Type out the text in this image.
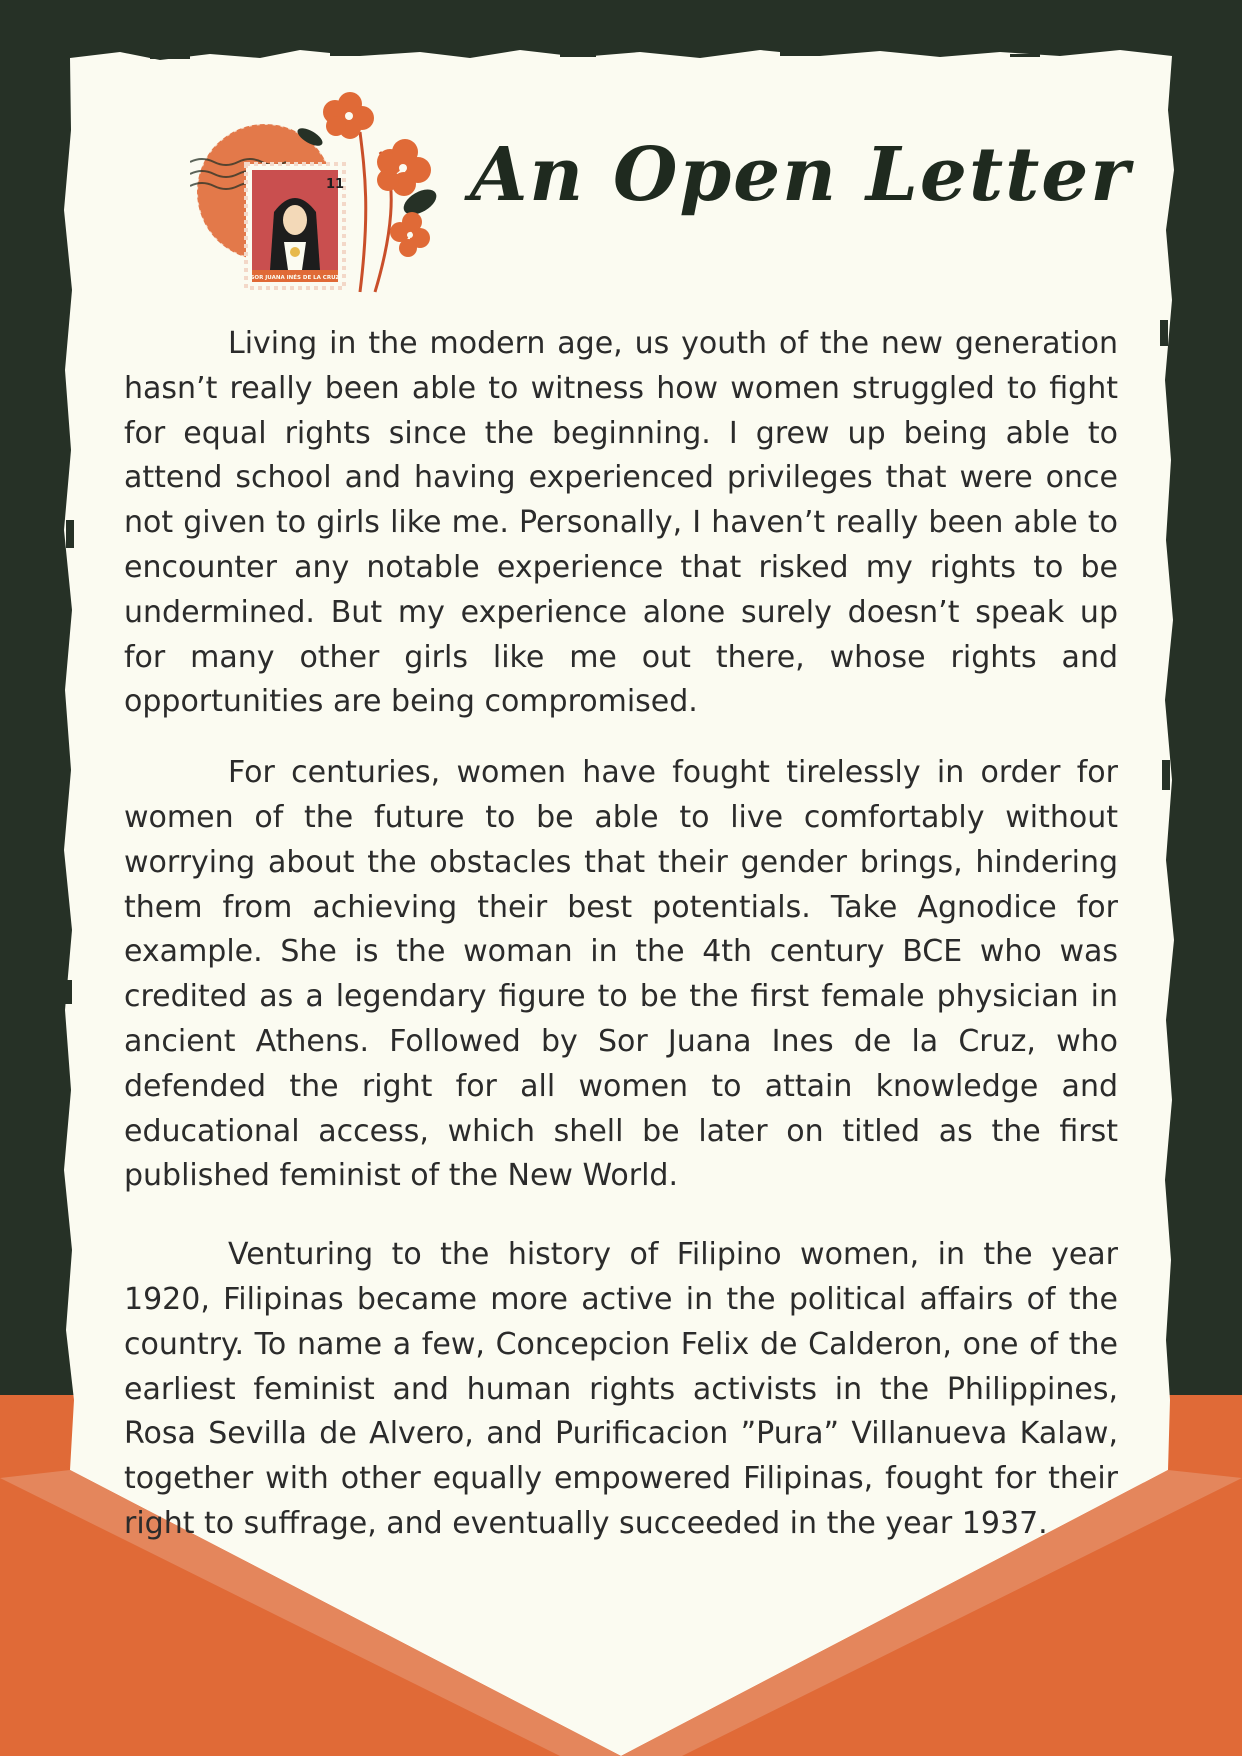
11
SOR JUANA INÉS DE LA CRUZ
An Open Letter

Living in the modern age, us youth of the new generation hasn’t really been able to witness how women struggled to fight for equal rights since the beginning. I grew up being able to attend school and having experienced privileges that were once not given to girls like me. Personally, I haven’t really been able to encounter any notable experience that risked my rights to be undermined. But my experience alone surely doesn’t speak up for many other girls like me out there, whose rights and opportunities are being compromised.

For centuries, women have fought tirelessly in order for women of the future to be able to live comfortably without worrying about the obstacles that their gender brings, hindering them from achieving their best potentials. Take Agnodice for example. She is the woman in the 4th century BCE who was credited as a legendary figure to be the first female physician in ancient Athens. Followed by Sor Juana Ines de la Cruz, who defended the right for all women to attain knowledge and educational access, which shell be later on titled as the first published feminist of the New World.

Venturing to the history of Filipino women, in the year 1920, Filipinas became more active in the political affairs of the country. To name a few, Concepcion Felix de Calderon, one of the earliest feminist and human rights activists in the Philippines, Rosa Sevilla de Alvero, and Purificacion ”Pura” Villanueva Kalaw, together with other equally empowered Filipinas, fought for their right to suffrage, and eventually succeeded in the year 1937.
